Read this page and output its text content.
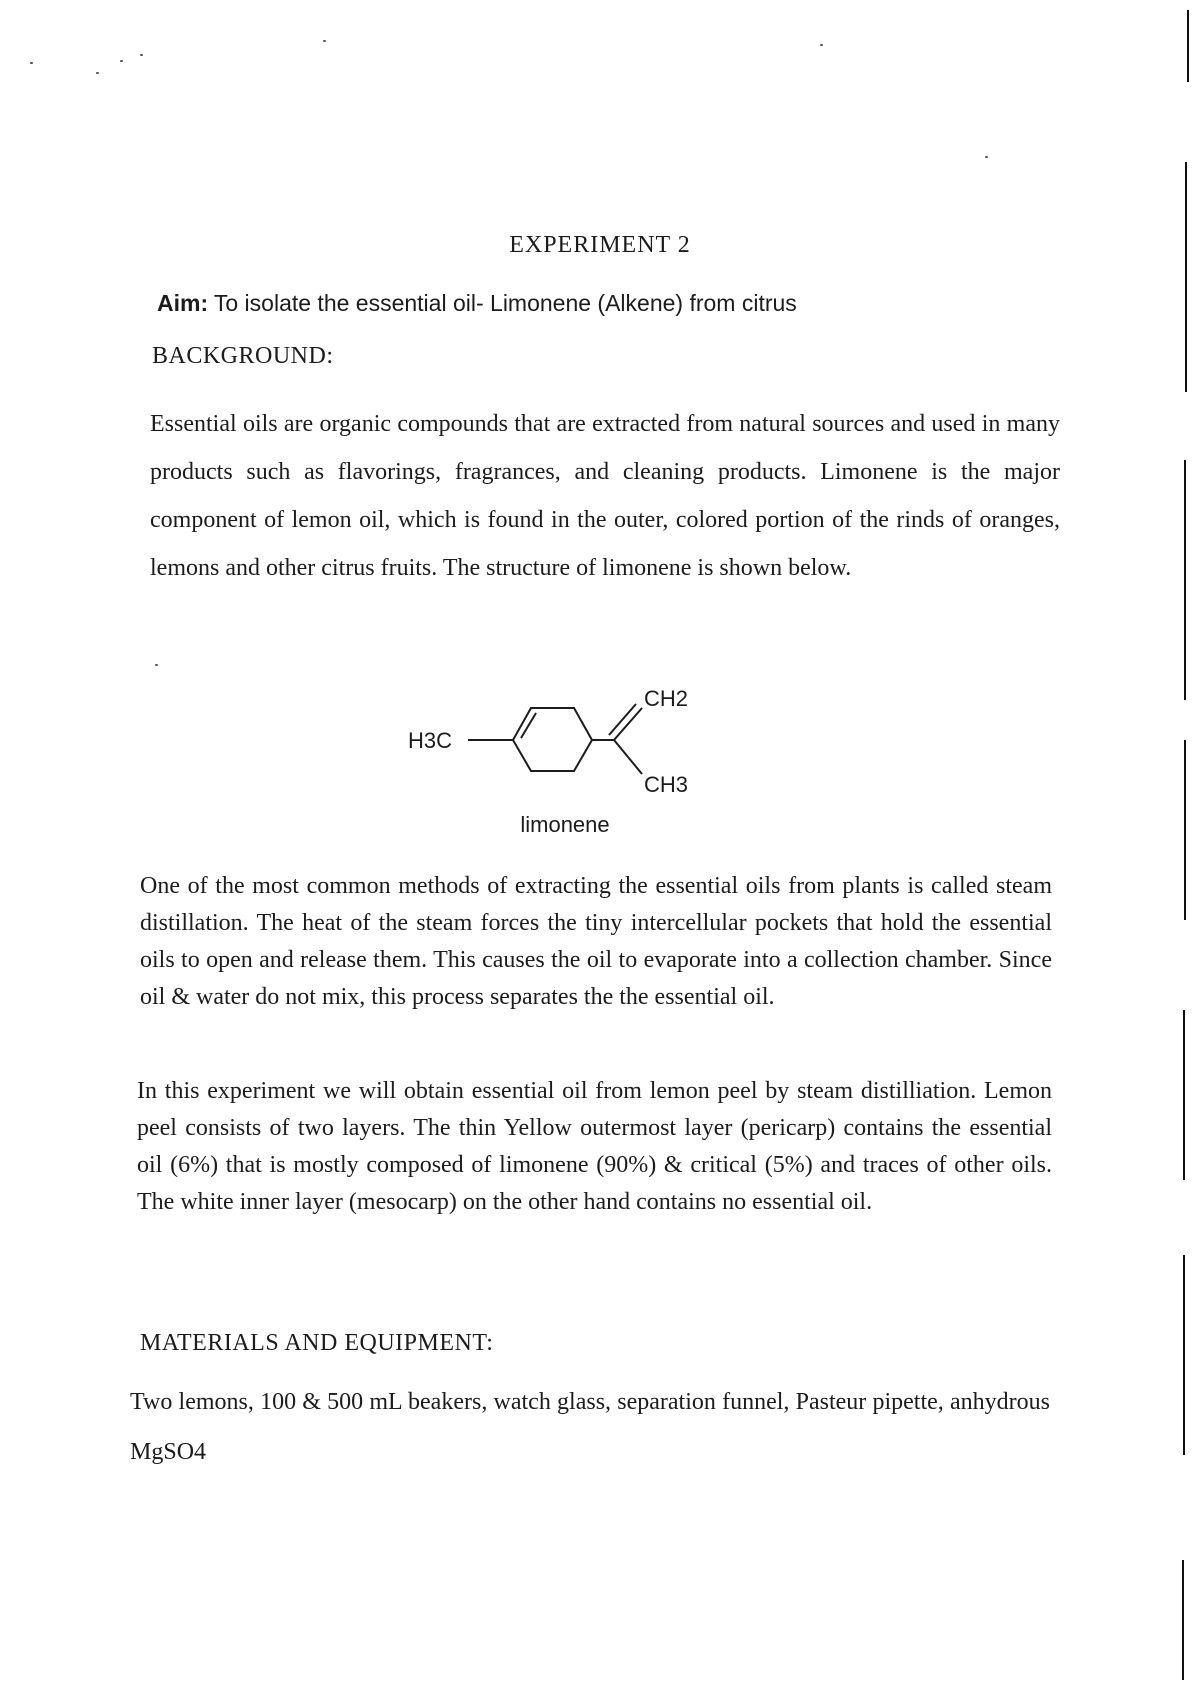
EXPERIMENT 2
Aim: To isolate the essential oil- Limonene (Alkene) from citrus
BACKGROUND:
Essential oils are organic compounds that are extracted from natural sources and used in many products such as flavorings, fragrances, and cleaning products. Limonene is the major component of lemon oil, which is found in the outer, colored portion of the rinds of oranges, lemons and other citrus fruits. The structure of limonene is shown below.
H3C
CH2
CH3
limonene
One of the most common methods of extracting the essential oils from plants is called steam distillation. The heat of the steam forces the tiny intercellular pockets that hold the essential oils to open and release them. This causes the oil to evaporate into a collection chamber. Since oil & water do not mix, this process separates the the essential oil.
In this experiment we will obtain essential oil from lemon peel by steam distilliation. Lemon peel consists of two layers. The thin Yellow outermost layer (pericarp) contains the essential oil (6%) that is mostly composed of limonene (90%) & critical (5%) and traces of other oils. The white inner layer (mesocarp) on the other hand contains no essential oil.
MATERIALS AND EQUIPMENT:
Two lemons, 100 & 500 mL beakers, watch glass, separation funnel, Pasteur pipette, anhydrous MgSO4
